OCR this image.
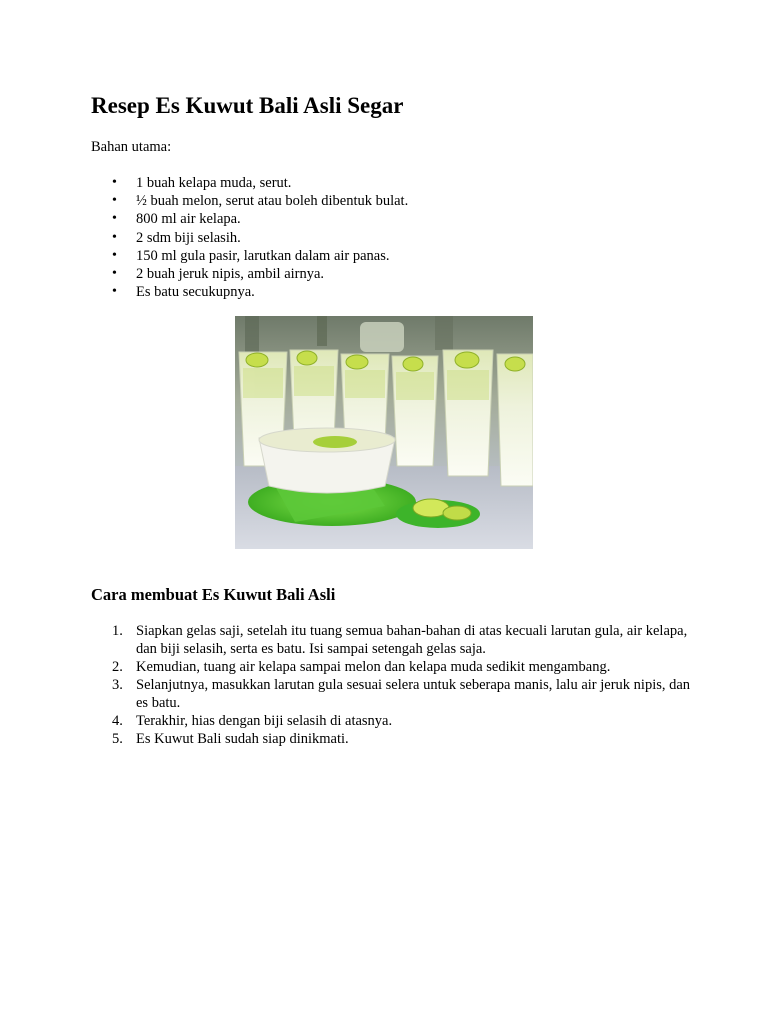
Resep Es Kuwut Bali Asli Segar

Bahan utama:

• 1 buah kelapa muda, serut.
• ½ buah melon, serut atau boleh dibentuk bulat.
• 800 ml air kelapa.
• 2 sdm biji selasih.
• 150 ml gula pasir, larutkan dalam air panas.
• 2 buah jeruk nipis, ambil airnya.
• Es batu secukupnya.
Cara membuat Es Kuwut Bali Asli
1. Siapkan gelas saji, setelah itu tuang semua bahan-bahan di atas kecuali larutan gula, air kelapa, dan biji selasih, serta es batu. Isi sampai setengah gelas saja.
2. Kemudian, tuang air kelapa sampai melon dan kelapa muda sedikit mengambang.
3. Selanjutnya, masukkan larutan gula sesuai selera untuk seberapa manis, lalu air jeruk nipis, dan es batu.
4. Terakhir, hias dengan biji selasih di atasnya.
5. Es Kuwut Bali sudah siap dinikmati.
